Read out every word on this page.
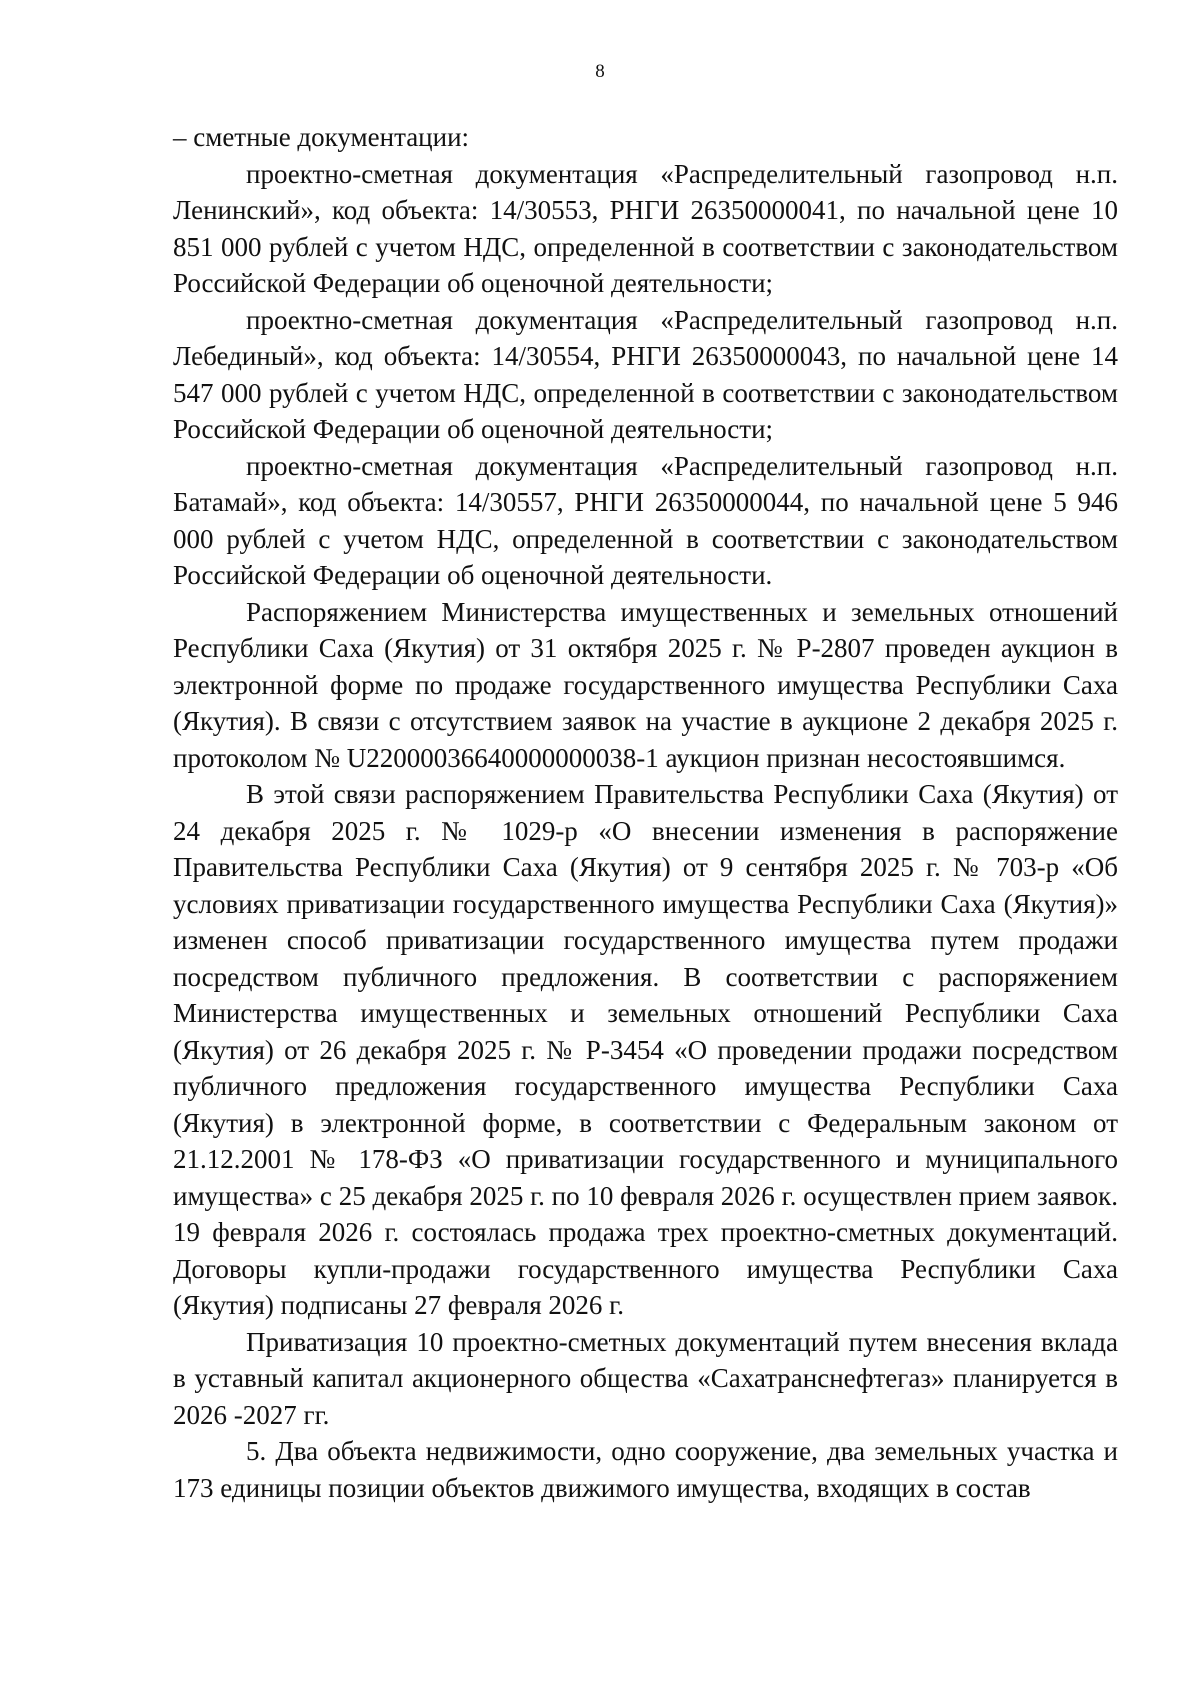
8

– сметные документации:

проектно-сметная документация «Распределительный газопровод н.п. Ленинский», код объекта: 14/30553, РНГИ 26350000041, по начальной цене 10 851 000 рублей с учетом НДС, определенной в соответствии с законодательством Российской Федерации об оценочной деятельности;

проектно-сметная документация «Распределительный газопровод н.п. Лебединый», код объекта: 14/30554, РНГИ 26350000043, по начальной цене 14 547 000 рублей с учетом НДС, определенной в соответствии с законодательством Российской Федерации об оценочной деятельности;

проектно-сметная документация «Распределительный газопровод н.п. Батамай», код объекта: 14/30557, РНГИ 26350000044, по начальной цене 5 946 000 рублей с учетом НДС, определенной в соответствии с законодательством Российской Федерации об оценочной деятельности.

Распоряжением Министерства имущественных и земельных отношений Республики Саха (Якутия) от 31 октября 2025 г. № Р-2807 проведен аукцион в электронной форме по продаже государственного имущества Республики Саха (Якутия). В связи с отсутствием заявок на участие в аукционе 2 декабря 2025 г. протоколом № U22000036640000000038-1 аукцион признан несостоявшимся.

В этой связи распоряжением Правительства Республики Саха (Якутия) от 24 декабря 2025 г. № 1029-р «О внесении изменения в распоряжение Правительства Республики Саха (Якутия) от 9 сентября 2025 г. № 703-р «Об условиях приватизации государственного имущества Республики Саха (Якутия)» изменен способ приватизации государственного имущества путем продажи посредством публичного предложения. В соответствии с распоряжением Министерства имущественных и земельных отношений Республики Саха (Якутия) от 26 декабря 2025 г. № Р-3454 «О проведении продажи посредством публичного предложения государственного имущества Республики Саха (Якутия) в электронной форме, в соответствии с Федеральным законом от 21.12.2001 № 178-ФЗ «О приватизации государственного и муниципального имущества» с 25 декабря 2025 г. по 10 февраля 2026 г. осуществлен прием заявок. 19 февраля 2026 г. состоялась продажа трех проектно-сметных документаций. Договоры купли-продажи государственного имущества Республики Саха (Якутия) подписаны 27 февраля 2026 г.

Приватизация 10 проектно-сметных документаций путем внесения вклада в уставный капитал акционерного общества «Сахатранснефтегаз» планируется в 2026 -2027 гг.

5. Два объекта недвижимости, одно сооружение, два земельных участка и 173 единицы позиции объектов движимого имущества, входящих в состав
